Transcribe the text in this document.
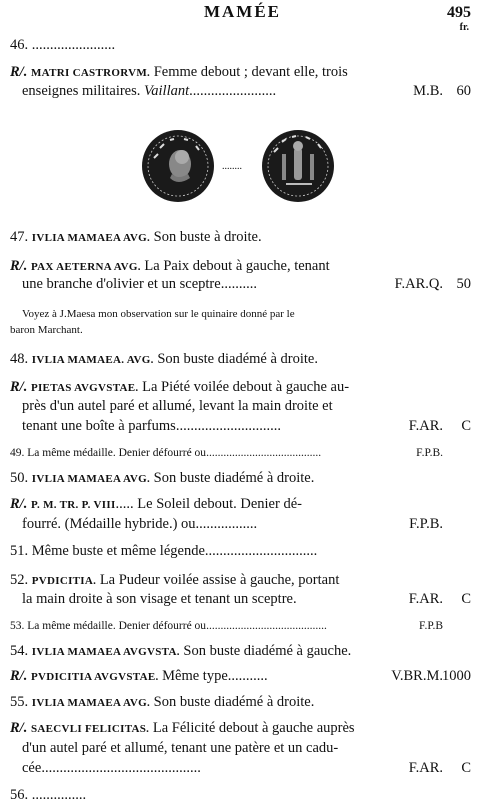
MAMÉE	495
fr.
46. .......................
R/. MATRI CASTRORVM. Femme debout ; devant elle, trois
enseignes militaires. Vaillant........................	M.B. 60
........
47. IVLIA MAMAEA AVG. Son buste à droite.
R/. PAX AETERNA AVG. La Paix debout à gauche, tenant
une branche d'olivier et un sceptre..........	F.AR.Q. 50
Voyez à J.Maesa mon observation sur le quinaire donné par le
baron Marchant.
48. IVLIA MAMAEA. AVG. Son buste diadémé à droite.
R/. PIETAS AVGVSTAE. La Piété voilée debout à gauche au-
près d'un autel paré et allumé, levant la main droite et
tenant une boîte à parfums.............................	F.AR. C
49. La même médaille. Denier défourré ou........................................	F.P.B.
50. IVLIA MAMAEA AVG. Son buste diadémé à droite.
R/. P. M. TR. P. VIII..... Le Soleil debout. Denier dé-
fourré. (Médaille hybride.) ou.................	F.P.B.
51. Même buste et même légende...............................
52. PVDICITIA. La Pudeur voilée assise à gauche, portant
la main droite à son visage et tenant un sceptre.	F.AR. C
53. La même médaille. Denier défourré ou..........................................	F.P.B
54. IVLIA MAMAEA AVGVSTA. Son buste diadémé à gauche.
R/. PVDICITIA AVGVSTAE. Même type...........	V.BR.M. 1000
55. IVLIA MAMAEA AVG. Son buste diadémé à droite.
R/. SAECVLI FELICITAS. La Félicité debout à gauche auprès
d'un autel paré et allumé, tenant une patère et un cadu-
cée............................................	F.AR. C
56. ...............
